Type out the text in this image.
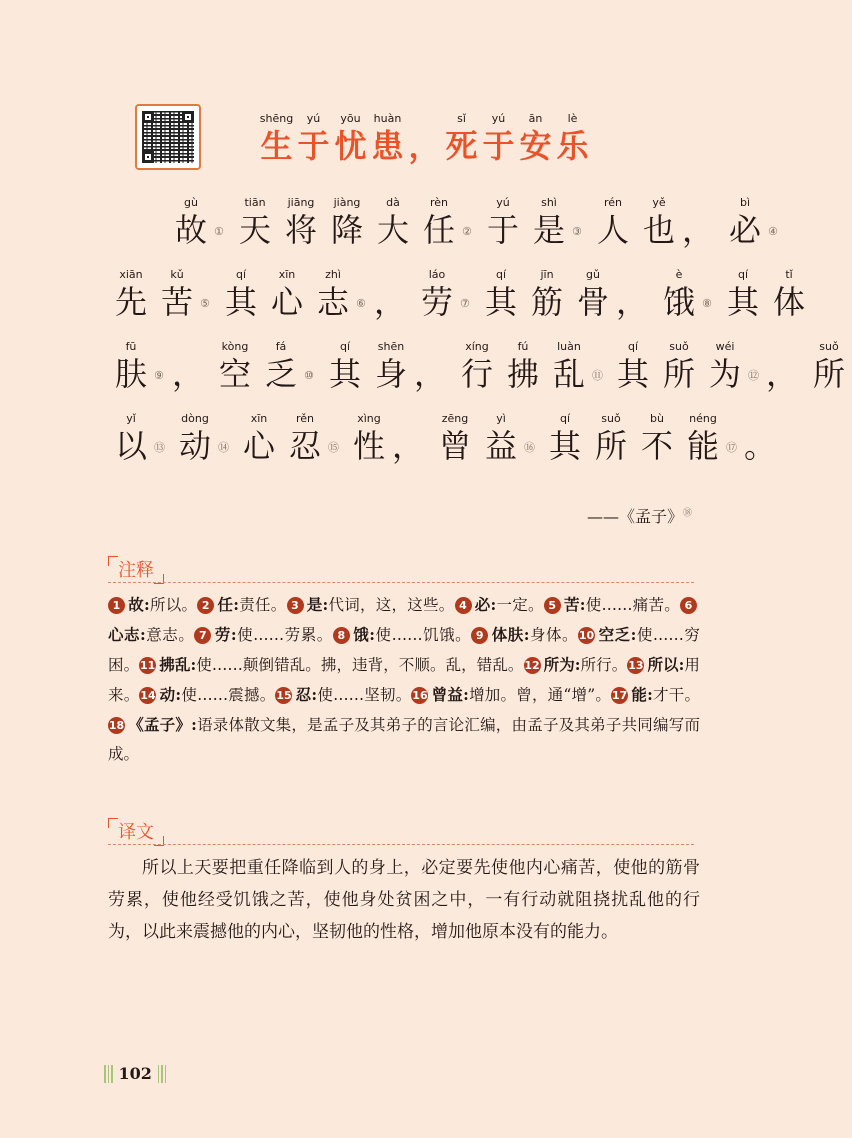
shēng
生
yú
于
yōu
忧
huàn
患 ，
sǐ
死
yú
于
ān
安
lè
乐
gù
故 ①
tiān
天
jiāng
将
jiàng
降
dà
大
rèn
任 ②
yú
于
shì
是 ③
rén
人
yě
也 ，
bì
必 ④
xiān
先
kǔ
苦 ⑤
qí
其
xīn
心
zhì
志 ⑥ ，
láo
劳 ⑦
qí
其
jīn
筋
gǔ
骨 ，
è
饿 ⑧
qí
其
tǐ
体
fū
肤 ⑨ ，
kòng
空
fá
乏 ⑩
qí
其
shēn
身 ，
xíng
行
fú
拂
luàn
乱 ⑪
qí
其
suǒ
所
wéi
为 ⑫ ，
suǒ
所
yǐ
以 ⑬
dòng
动 ⑭
xīn
心
rěn
忍 ⑮
xìng
性 ，
zēng
曾
yì
益 ⑯
qí
其
suǒ
所
bù
不
néng
能 ⑰ 。
——《孟子》⑱
注释
1 故:所以。 2 任:责任。 3 是:代词，这，这些。 4 必:一定。 5 苦:使……痛苦。 6心志:意志。 7 劳:使……劳累。 8 饿:使……饥饿。 9 体肤:身体。10 空乏:使……穷困。11 拂乱:使……颠倒错乱。拂，违背，不顺。乱，错乱。12 所为:所行。13 所以:用来。14 动:使……震撼。15 忍:使……坚韧。16 曾益:增加。曾，通“增”。17 能:才干。18 《孟子》:语录体散文集，是孟子及其弟子的言论汇编，由孟子及其弟子共同编写而成。
译文
所以上天要把重任降临到人的身上，必定要先使他内心痛苦，使他的筋骨劳累，使他经受饥饿之苦，使他身处贫困之中，一有行动就阻挠扰乱他的行为，以此来震撼他的内心，坚韧他的性格，增加他原本没有的能力。
102
